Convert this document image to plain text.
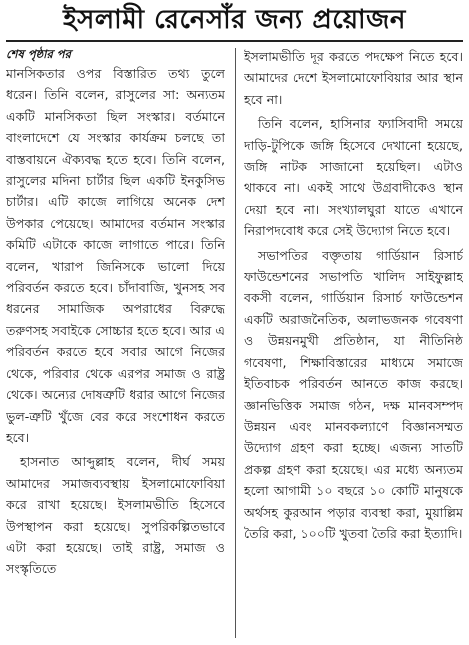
ইসলামী রেনেসাঁর জন্য প্রয়োজন

শেষ পৃষ্ঠার পর

মানসিকতার ওপর বিস্তারিত তথ্য তুলে ধরেন। তিনি বলেন, রাসুলের সা: অন্যতম একটি মানসিকতা ছিল সংস্কার। বর্তমানে বাংলাদেশে যে সংস্কার কার্যক্রম চলছে তা বাস্তবায়নে ঐক্যবদ্ধ হতে হবে। তিনি বলেন, রাসুলের মদিনা চার্টার ছিল একটি ইনকুসিভ চার্টার। এটি কাজে লাগিয়ে অনেক দেশ উপকার পেয়েছে। আমাদের বর্তমান সংস্কার কমিটি এটাকে কাজে লাগাতে পারে। তিনি বলেন, খারাপ জিনিসকে ভালো দিয়ে পরিবর্তন করতে হবে। চাঁদাবাজি, খুনসহ সব ধরনের সামাজিক অপরাধের বিরুদ্ধে তরুণসহ সবাইকে সোচ্চার হতে হবে। আর এ পরিবর্তন করতে হবে সবার আগে নিজের থেকে, পরিবার থেকে এরপর সমাজ ও রাষ্ট্র থেকে। অন্যের দোষত্রুটি ধরার আগে নিজের ভুল-ত্রুটি খুঁজে বের করে সংশোধন করতে হবে।

হাসনাত আব্দুল্লাহ বলেন, দীর্ঘ সময় আমাদের সমাজব্যবস্থায় ইসলামোফোবিয়া করে রাখা হয়েছে। ইসলামভীতি হিসেবে উপস্থাপন করা হয়েছে। সুপরিকল্পিতভাবে এটা করা হয়েছে। তাই রাষ্ট্র, সমাজ ও সংস্কৃতিতে

ইসলামভীতি দূর করতে পদক্ষেপ নিতে হবে। আমাদের দেশে ইসলামোফোবিয়ার আর স্থান হবে না।

তিনি বলেন, হাসিনার ফ্যাসিবাদী সময়ে দাড়ি-টুপিকে জঙ্গি হিসেবে দেখানো হয়েছে, জঙ্গি নাটক সাজানো হয়েছিল। এটাও থাকবে না। একই সাথে উগ্রবাদীকেও স্থান দেয়া হবে না। সংখ্যালঘুরা যাতে এখানে নিরাপদবোধ করে সেই উদ্যোগ নিতে হবে।

সভাপতির বক্তৃতায় গার্ডিয়ান রিসার্চ ফাউন্ডেশনের সভাপতি খালিদ সাইফুল্লাহ বকসী বলেন, গার্ডিয়ান রিসার্চ ফাউন্ডেশন একটি অরাজনৈতিক, অলাভজনক গবেষণা ও উন্নয়নমুখী প্রতিষ্ঠান, যা নীতিনিষ্ঠ গবেষণা, শিক্ষাবিস্তারের মাধ্যমে সমাজে ইতিবাচক পরিবর্তন আনতে কাজ করছে। জ্ঞানভিত্তিক সমাজ গঠন, দক্ষ মানবসম্পদ উন্নয়ন এবং মানবকল্যাণে বিজ্ঞানসম্মত উদ্যোগ গ্রহণ করা হচ্ছে। এজন্য সাতটি প্রকল্প গ্রহণ করা হয়েছে। এর মধ্যে অন্যতম হলো আগামী ১০ বছরে ১০ কোটি মানুষকে অর্থসহ কুরআন পড়ার ব্যবস্থা করা, মুয়াল্লিম তৈরি করা, ১০০টি খুতবা তৈরি করা ইত্যাদি।
